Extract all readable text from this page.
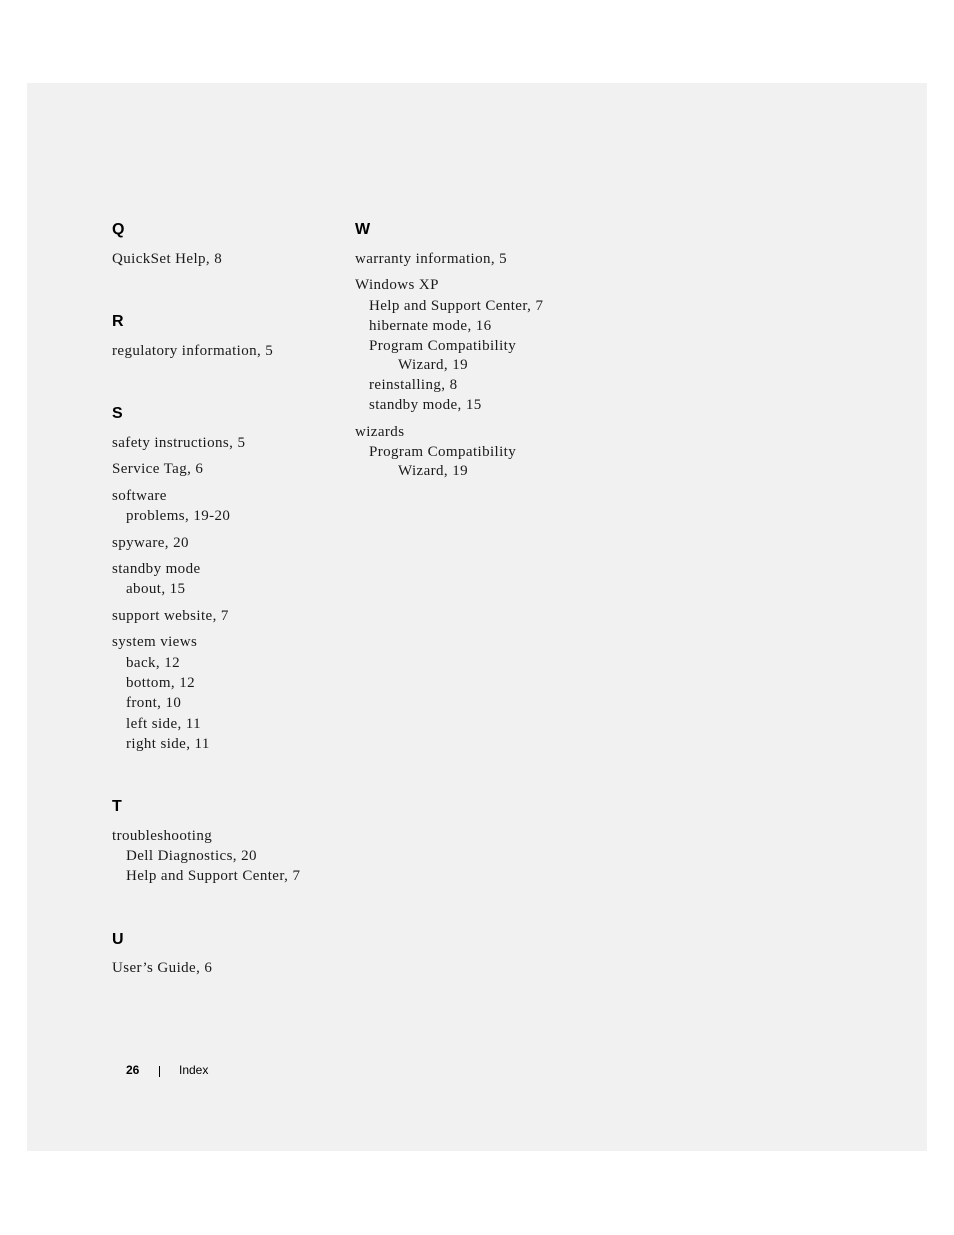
Q
QuickSet Help, 8
R
regulatory information, 5
S
safety instructions, 5
Service Tag, 6
software
problems, 19-20
spyware, 20
standby mode
about, 15
support website, 7
system views
back, 12
bottom, 12
front, 10
left side, 11
right side, 11
T
troubleshooting
Dell Diagnostics, 20
Help and Support Center, 7
U
User’s Guide, 6
W
warranty information, 5
Windows XP
Help and Support Center, 7
hibernate mode, 16
Program Compatibility
Wizard, 19
reinstalling, 8
standby mode, 15
wizards
Program Compatibility
Wizard, 19
26	Index
